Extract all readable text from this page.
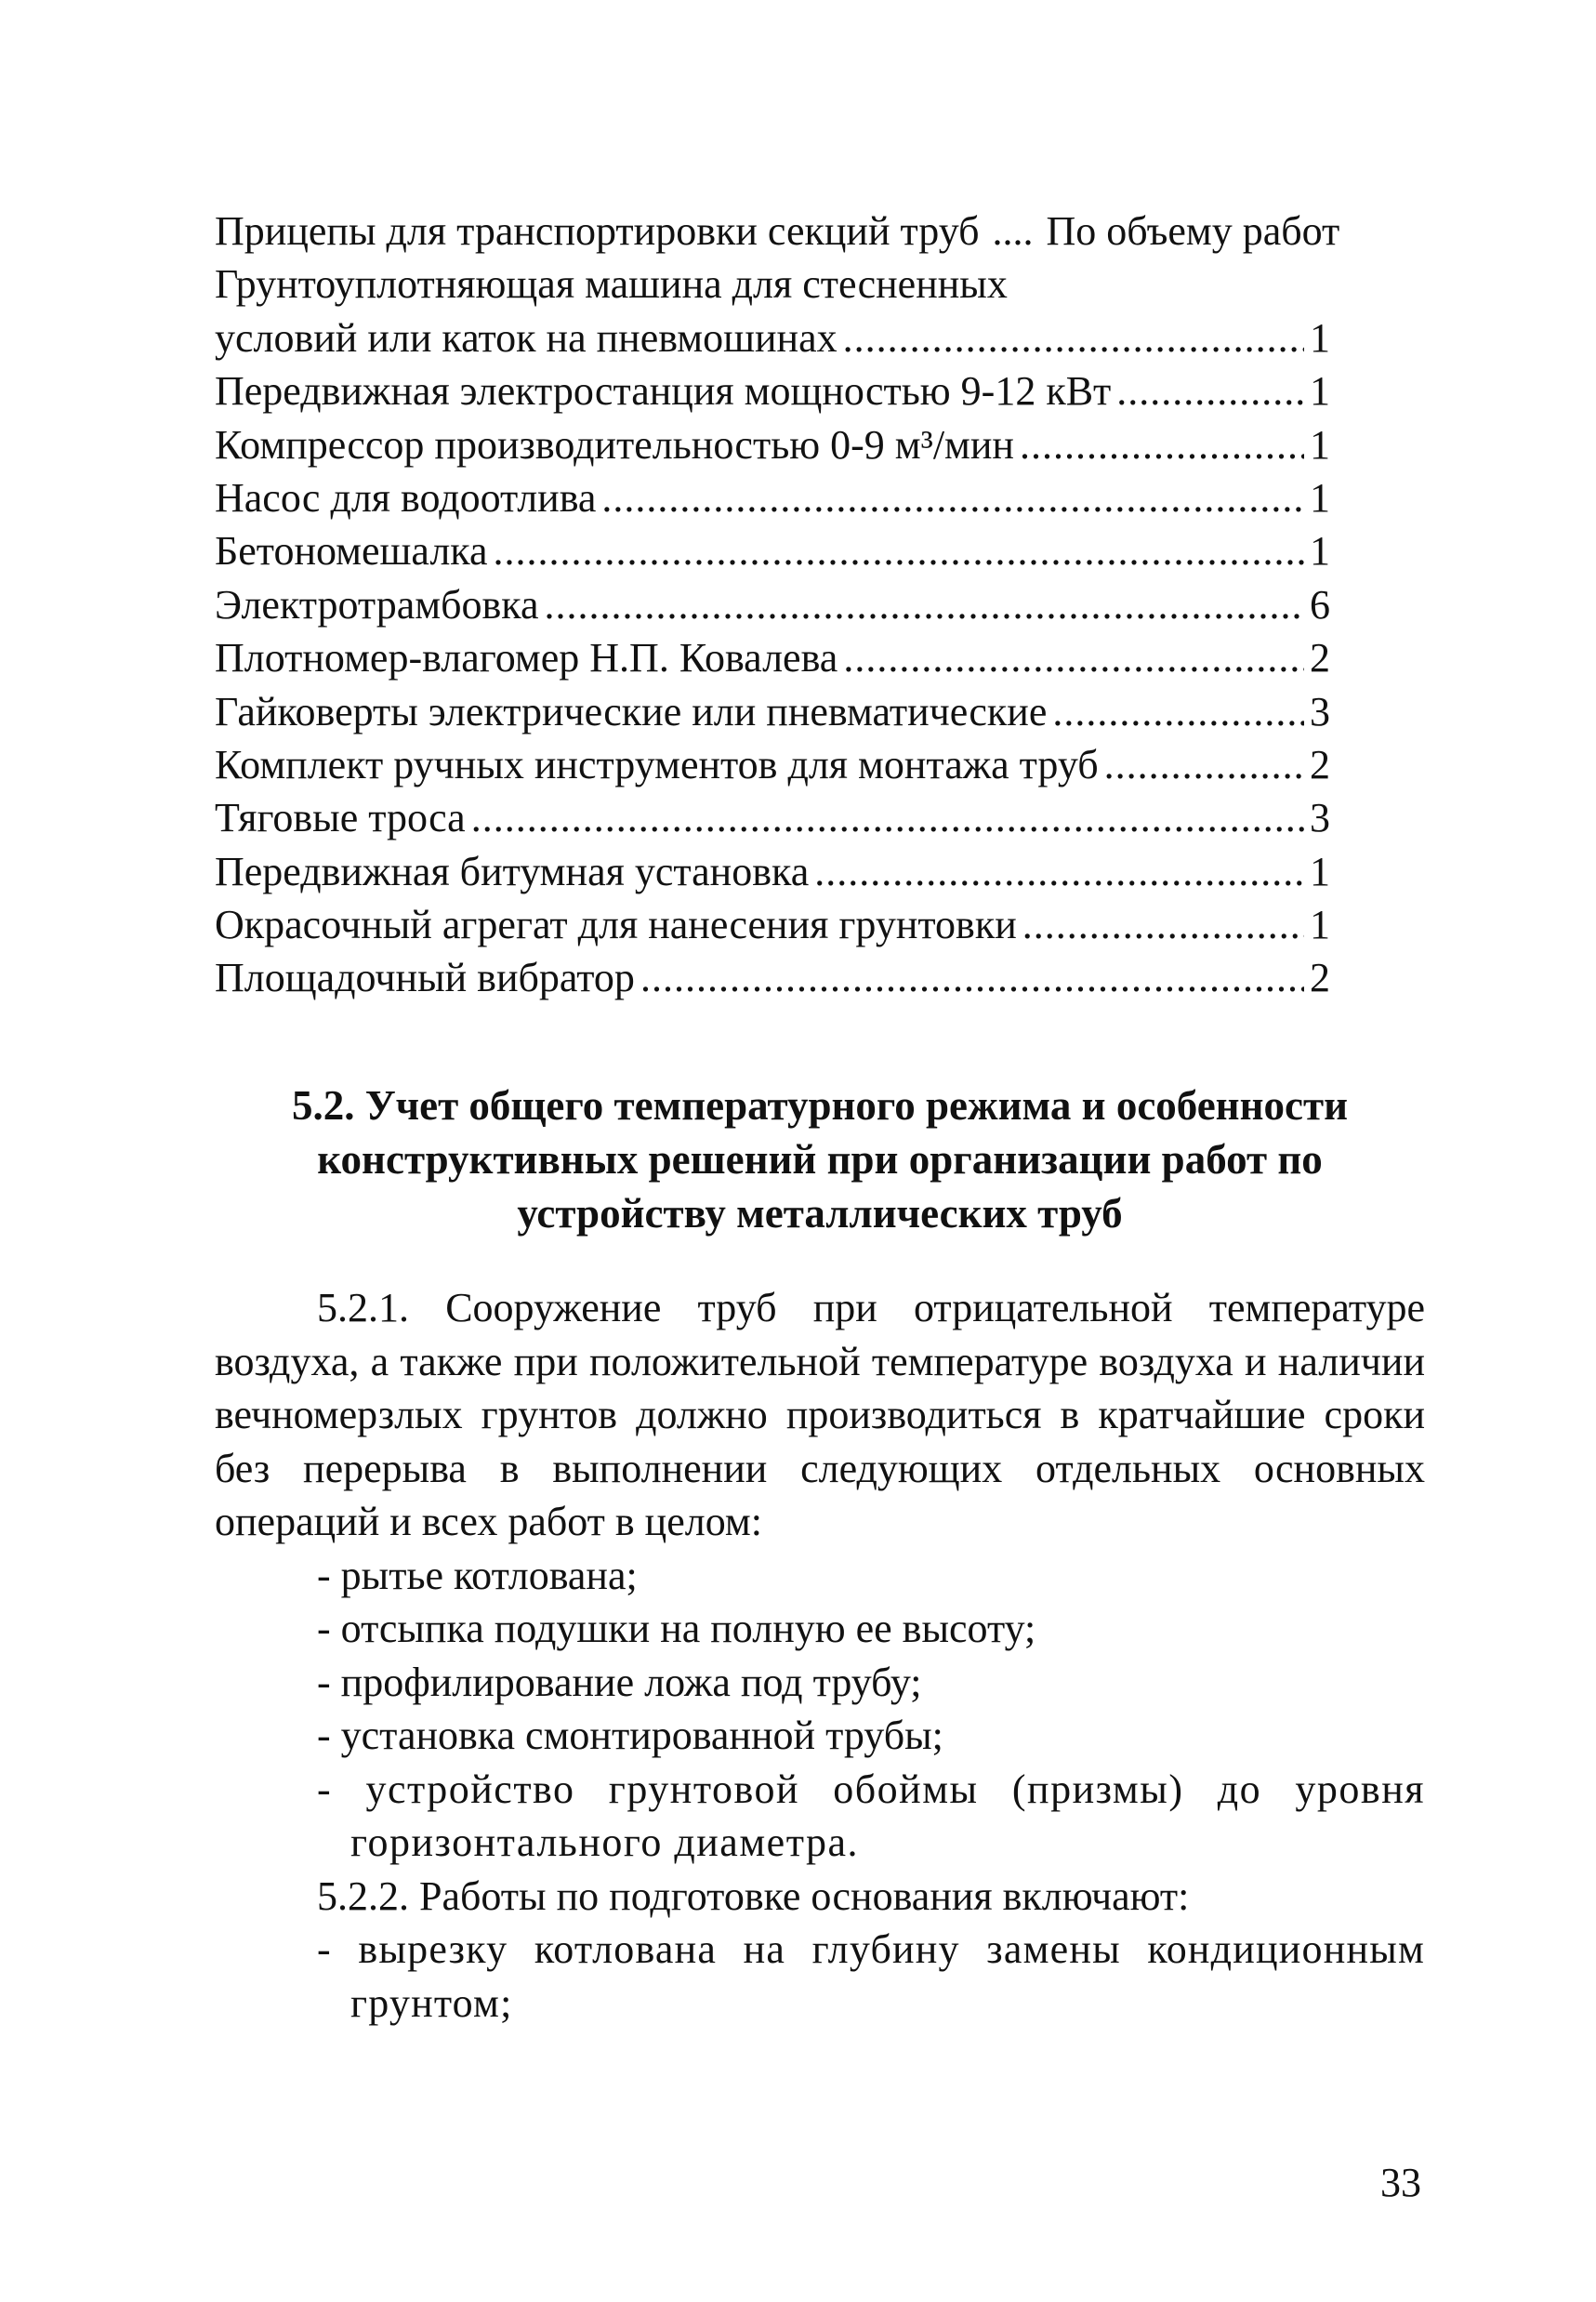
Прицепы для транспортировки секций труб .... По объему работ
Грунтоуплотняющая машина для стесненных
условий или каток на пневмошинах .....	1
Передвижная электростанция мощностью 9-12 кВт .....	1
Компрессор производительностью 0-9 м³/мин .....	1
Насос для водоотлива .....	1
Бетономешалка .....	1
Электротрамбовка .....	6
Плотномер-влагомер Н.П. Ковалева .....	2
Гайковерты электрические или пневматические .....	3
Комплект ручных инструментов для монтажа труб .....	2
Тяговые троса .....	3
Передвижная битумная установка .....	1
Окрасочный агрегат для нанесения грунтовки .....	1
Площадочный вибратор .....	2
5.2. Учет общего температурного режима и особенности
конструктивных решений при организации работ по
устройству металлических труб

5.2.1. Сооружение труб при отрицательной температуре воздуха, а также при положительной температуре воздуха и наличии вечномерзлых грунтов должно производиться в кратчайшие сроки без перерыва в выполнении следующих отдельных основных операций и всех работ в целом:

- рытье котлована;
- отсыпка подушки на полную ее высоту;
- профилирование ложа под трубу;
- установка смонтированной трубы;
- устройство грунтовой обоймы (призмы) до уровня горизонтального диаметра.

5.2.2. Работы по подготовке основания включают:

- вырезку котлована на глубину замены кондиционным грунтом;
33
